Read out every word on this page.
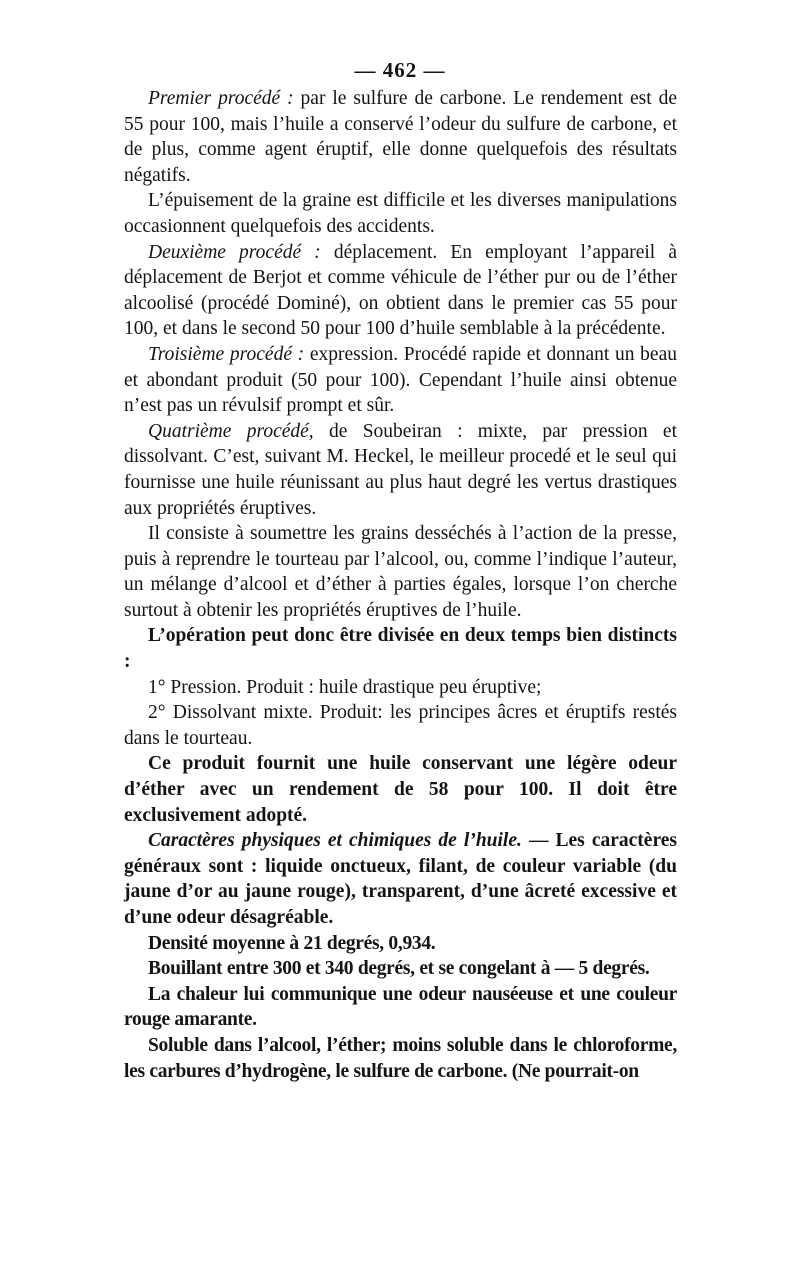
— 462 —

Premier procédé : par le sulfure de carbone. Le rendement est de 55 pour 100, mais l’huile a conservé l’odeur du sulfure de carbone, et de plus, comme agent éruptif, elle donne quelquefois des résultats négatifs.

L’épuisement de la graine est difficile et les diverses manipulations occasionnent quelquefois des accidents.

Deuxième procédé : déplacement. En employant l’appareil à déplacement de Berjot et comme véhicule de l’éther pur ou de l’éther alcoolisé (procédé Dominé), on obtient dans le premier cas 55 pour 100, et dans le second 50 pour 100 d’huile semblable à la précédente.

Troisième procédé : expression. Procédé rapide et donnant un beau et abondant produit (50 pour 100). Cependant l’huile ainsi obtenue n’est pas un révulsif prompt et sûr.

Quatrième procédé, de Soubeiran : mixte, par pression et dissolvant. C’est, suivant M. Heckel, le meilleur procedé et le seul qui fournisse une huile réunissant au plus haut degré les vertus drastiques aux propriétés éruptives.

Il consiste à soumettre les grains desséchés à l’action de la presse, puis à reprendre le tourteau par l’alcool, ou, comme l’indique l’auteur, un mélange d’alcool et d’éther à parties égales, lorsque l’on cherche surtout à obtenir les propriétés éruptives de l’huile.

L’opération peut donc être divisée en deux temps bien distincts :

1° Pression. Produit : huile drastique peu éruptive;

2° Dissolvant mixte. Produit: les principes âcres et éruptifs restés dans le tourteau.

Ce produit fournit une huile conservant une légère odeur d’éther avec un rendement de 58 pour 100. Il doit être exclusivement adopté.

Caractères physiques et chimiques de l’huile. — Les caractères généraux sont : liquide onctueux, filant, de couleur variable (du jaune d’or au jaune rouge), transparent, d’une âcreté excessive et d’une odeur désagréable.

Densité moyenne à 21 degrés, 0,934.

Bouillant entre 300 et 340 degrés, et se congelant à — 5 degrés.

La chaleur lui communique une odeur nauséeuse et une couleur rouge amarante.

Soluble dans l’alcool, l’éther; moins soluble dans le chloroforme, les carbures d’hydrogène, le sulfure de carbone. (Ne pourrait-on
